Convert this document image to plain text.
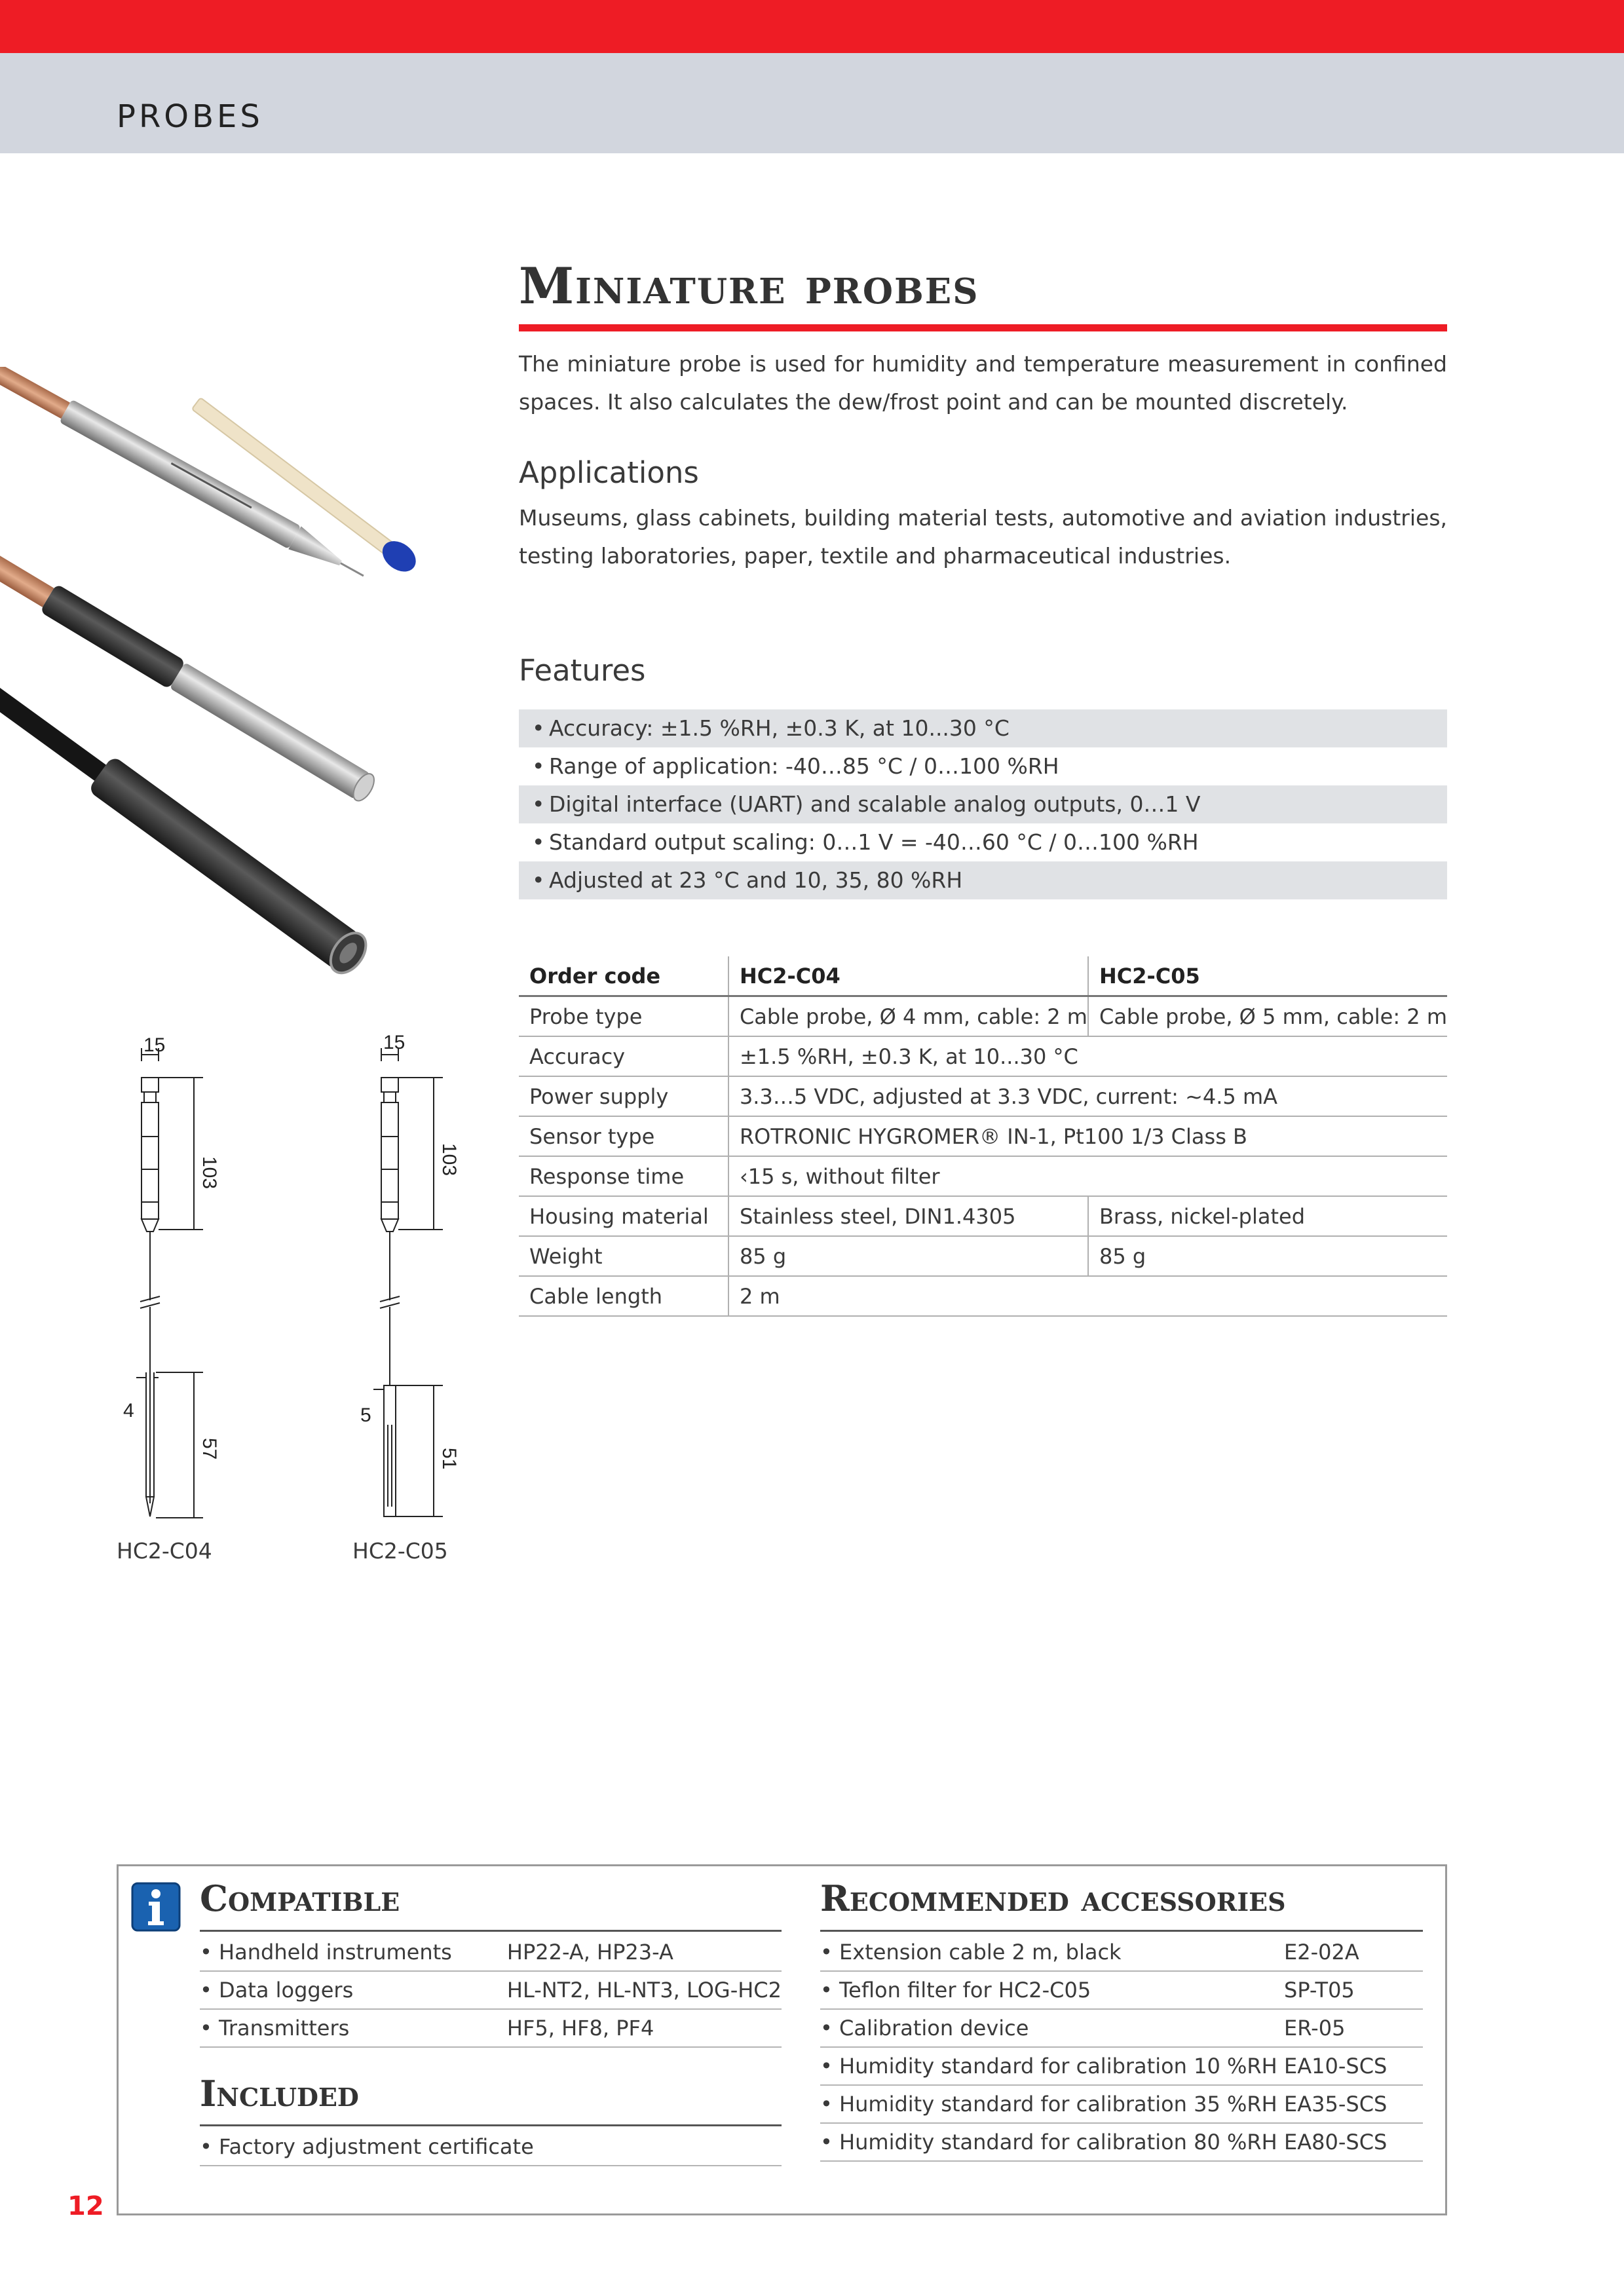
PROBES
Miniature probes
The miniature probe is used for humidity and temperature measurement in confined spaces. It also calculates the dew/frost point and can be mounted discretely.
Applications
Museums, glass cabinets, building material tests, automotive and aviation industries, testing laboratories, paper, textile and pharmaceutical industries.
Features
• Accuracy: ±1.5 %RH, ±0.3 K, at 10...30 °C
• Range of application: -40…85 °C / 0…100 %RH
• Digital interface (UART) and scalable analog outputs, 0…1 V
• Standard output scaling: 0…1 V = -40…60 °C / 0…100 %RH
• Adjusted at 23 °C and 10, 35, 80 %RH
Order code	HC2-C04	HC2-C05
Probe type	Cable probe, Ø 4 mm, cable: 2 m	Cable probe, Ø 5 mm, cable: 2 m
Accuracy	±1.5 %RH, ±0.3 K, at 10...30 °C	
Power supply	3.3…5 VDC, adjusted at 3.3 VDC, current: ~4.5 mA	
Sensor type	ROTRONIC HYGROMER® IN-1, Pt100 1/3 Class B	
Response time	‹15 s, without filter	
Housing material	Stainless steel, DIN1.4305	Brass, nickel-plated
Weight	85 g	85 g
Cable length	2 m	
15
103
4
57
15
103
5
51
HC2-C04	HC2-C05
Compatible
• Handheld instruments	HP22-A, HP23-A
• Data loggers	HL-NT2, HL-NT3, LOG-HC2
• Transmitters	HF5, HF8, PF4
Included
• Factory adjustment certificate
Recommended accessories
• Extension cable 2 m, black	E2-02A
• Teflon filter for HC2-C05	SP-T05
• Calibration device	ER-05
• Humidity standard for calibration 10 %RH	EA10-SCS
• Humidity standard for calibration 35 %RH	EA35-SCS
• Humidity standard for calibration 80 %RH	EA80-SCS
12
